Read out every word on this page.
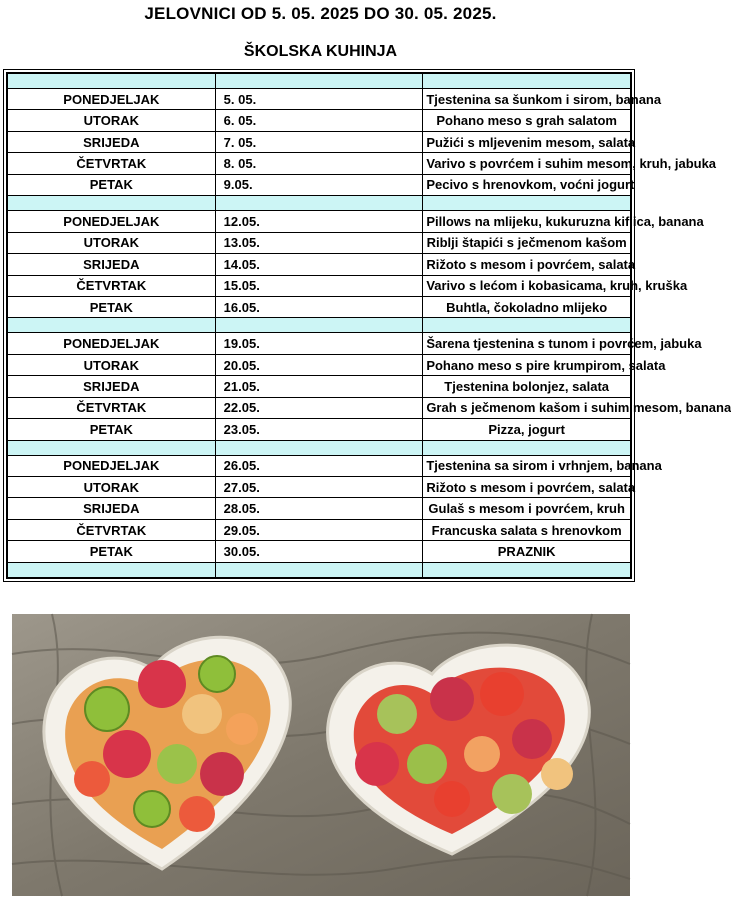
JELOVNICI OD 5. 05. 2025 DO 30. 05. 2025.
ŠKOLSKA KUHINJA

PONEDJELJAK	5. 05.	Tjestenina sa šunkom i sirom, banana
UTORAK	6. 05.	Pohano meso s grah salatom
SRIJEDA	7. 05.	Pužići s mljevenim mesom, salata
ČETVRTAK	8. 05.	Varivo s povrćem i suhim mesom, kruh, jabuka
PETAK	9.05.	Pecivo s hrenovkom, voćni jogurt

PONEDJELJAK	12.05.	Pillows na mlijeku, kukuruzna kiflica, banana
UTORAK	13.05.	Riblji štapići s ječmenom kašom
SRIJEDA	14.05.	Rižoto s mesom i povrćem, salata
ČETVRTAK	15.05.	Varivo s lećom i kobasicama, kruh, kruška
PETAK	16.05.	Buhtla, čokoladno mlijeko

PONEDJELJAK	19.05.	Šarena tjestenina s tunom i povrćem, jabuka
UTORAK	20.05.	Pohano meso s pire krumpirom, salata
SRIJEDA	21.05.	Tjestenina bolonjez, salata
ČETVRTAK	22.05.	Grah s ječmenom kašom i suhim mesom, banana
PETAK	23.05.	Pizza, jogurt

PONEDJELJAK	26.05.	Tjestenina sa sirom i vrhnjem, banana
UTORAK	27.05.	Rižoto s mesom i povrćem, salata
SRIJEDA	28.05.	Gulaš s mesom i povrćem, kruh
ČETVRTAK	29.05.	Francuska salata s hrenovkom
PETAK	30.05.	PRAZNIK
